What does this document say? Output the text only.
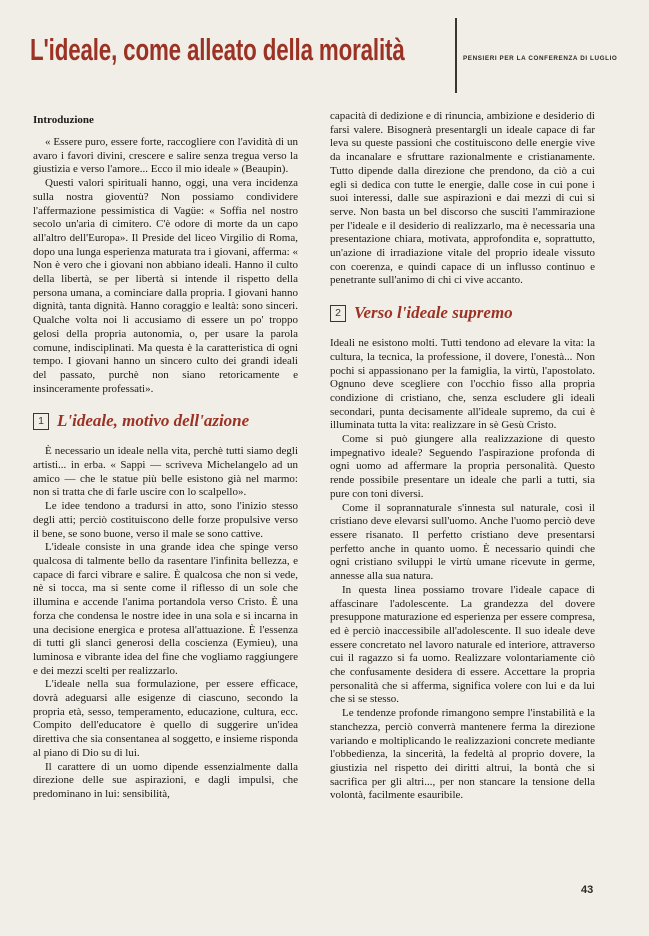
L'ideale, come alleato della moralità	PENSIERI PER LA CONFERENZA DI LUGLIO

Introduzione

« Essere puro, essere forte, raccogliere con l'avidità di un avaro i favori divini, crescere e salire senza tregua verso la giustizia e verso l'amore... Ecco il mio ideale » (Beaupin).

Questi valori spirituali hanno, oggi, una vera incidenza sulla nostra gioventù? Non possiamo condividere l'affermazione pessimistica di Vagüe: « Soffia nel nostro secolo un'aria di cimitero. C'è odore di morte da un capo all'altro dell'Europa». Il Preside del liceo Virgilio di Roma, dopo una lunga esperienza maturata tra i giovani, afferma: « Non è vero che i giovani non abbiano ideali. Hanno il culto della libertà, se per libertà si intende il rispetto della persona umana, a cominciare dalla propria. I giovani hanno dignità, tanta dignità. Hanno coraggio e lealtà: sono sinceri. Qualche volta noi li accusiamo di essere un po' troppo gelosi della propria autonomia, o, per usare la parola comune, indisciplinati. Ma questa è la caratteristica di ogni tempo. I giovani hanno un sincero culto dei grandi ideali del passato, purchè non siano retoricamente e insinceramente professati».

1 L'ideale, motivo dell'azione

È necessario un ideale nella vita, perchè tutti siamo degli artisti... in erba. « Sappi — scriveva Michelangelo ad un amico — che le statue più belle esistono già nel marmo: non si tratta che di farle uscire con lo scalpello».

Le idee tendono a tradursi in atto, sono l'inizio stesso degli atti; perciò costituiscono delle forze propulsive verso il bene, se sono buone, verso il male se sono cattive.

L'ideale consiste in una grande idea che spinge verso qualcosa di talmente bello da rasentare l'infinita bellezza, e capace di farci vibrare e salire. È qualcosa che non si vede, nè si tocca, ma si sente come il riflesso di un sole che illumina e accende l'anima portandola verso Cristo. È una forza che condensa le nostre idee in una sola e si incarna in una decisione energica e protesa all'attuazione. È l'essenza di tutti gli slanci generosi della coscienza (Eymieu), una luminosa e vibrante idea del fine che vogliamo raggiungere e dei mezzi scelti per realizzarlo.

L'ideale nella sua formulazione, per essere efficace, dovrà adeguarsi alle esigenze di ciascuno, secondo la propria età, sesso, temperamento, educazione, cultura, ecc. Compito dell'educatore è quello di suggerire un'idea direttiva che sia consentanea al soggetto, e insieme risponda al piano di Dio su di lui.

Il carattere di un uomo dipende essenzialmente dalla direzione delle sue aspirazioni, e dagli impulsi, che predominano in lui: sensibilità,

capacità di dedizione e di rinuncia, ambizione e desiderio di farsi valere. Bisognerà presentargli un ideale capace di far leva su queste passioni che costituiscono delle energie vive da incanalare e sfruttare razionalmente e cristianamente. Tutto dipende dalla direzione che prendono, da ciò a cui egli si dedica con tutte le energie, dalle cose in cui pone i suoi interessi, dalle sue aspirazioni e dai mezzi di cui si serve. Non basta un bel discorso che susciti l'ammirazione per l'ideale e il desiderio di realizzarlo, ma è necessaria una presentazione chiara, motivata, approfondita e, soprattutto, un'azione di irradiazione vitale del proprio ideale vissuto con coerenza, e quindi capace di un influsso continuo e penetrante sull'animo di chi ci vive accanto.

2 Verso l'ideale supremo

Ideali ne esistono molti. Tutti tendono ad elevare la vita: la cultura, la tecnica, la professione, il dovere, l'onestà... Non pochi si appassionano per la famiglia, la virtù, l'apostolato. Ognuno deve scegliere con l'occhio fisso alla propria condizione di cristiano, che, senza escludere gli ideali secondari, punta decisamente all'ideale supremo, da cui è illuminata tutta la vita: realizzare in sè Gesù Cristo.

Come si può giungere alla realizzazione di questo impegnativo ideale? Seguendo l'aspirazione profonda di ogni uomo ad affermare la propria personalità. Questo rende possibile presentare un ideale che parli a tutti, sia pure con toni diversi.

Come il soprannaturale s'innesta sul naturale, così il cristiano deve elevarsi sull'uomo. Anche l'uomo perciò deve essere risanato. Il perfetto cristiano deve presentarsi perfetto anche in quanto uomo. È necessario quindi che ogni cristiano sviluppi le virtù umane ricevute in germe, annesse alla sua natura.

In questa linea possiamo trovare l'ideale capace di affascinare l'adolescente. La grandezza del dovere presuppone maturazione ed esperienza per essere compresa, ed è perciò inaccessibile all'adolescente. Il suo ideale deve essere concretato nel lavoro naturale ed interiore, attraverso cui il ragazzo si fa uomo. Realizzare volontariamente ciò che confusamente desidera di essere. Accettare la propria personalità che si afferma, significa volere con lui e da lui che si se stesso.

Le tendenze profonde rimangono sempre l'instabilità e la stanchezza, perciò converrà mantenere ferma la direzione variando e moltiplicando le realizzazioni concrete mediante l'obbedienza, la sincerità, la fedeltà al proprio dovere, la giustizia nel rispetto dei diritti altrui, la bontà che si sacrifica per gli altri..., per non stancare la tensione della volontà, facilmente esauribile.

43
